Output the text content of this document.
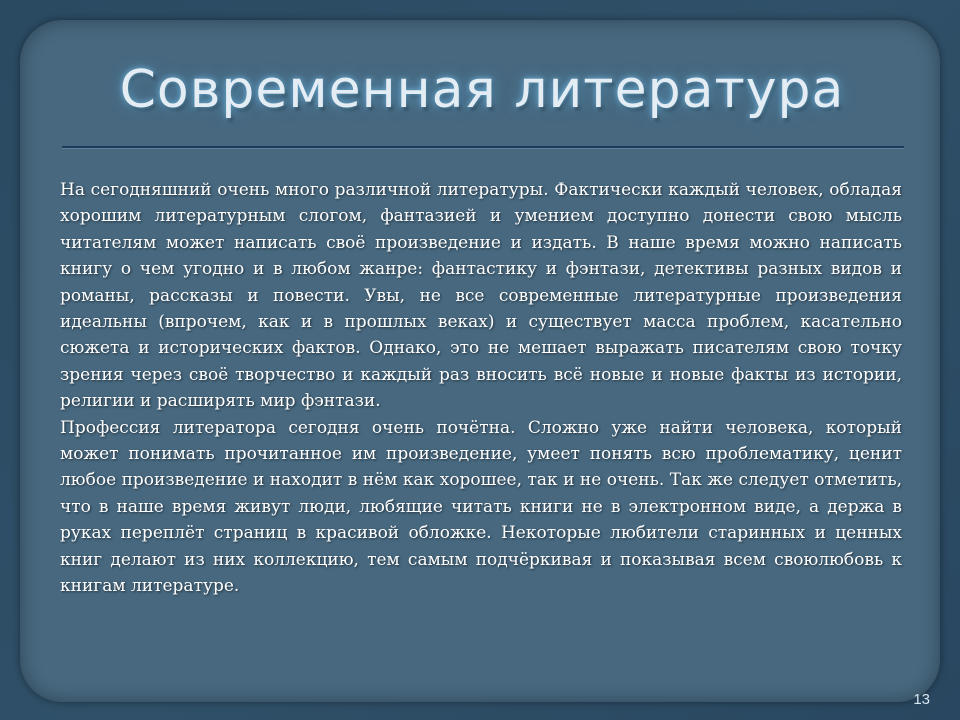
Современная литература

На сегодняшний очень много различной литературы. Фактически каждый человек, обладая хорошим литературным слогом, фантазией и умением доступно донести свою мысль читателям может написать своё произведение и издать. В наше время можно написать книгу о чем угодно и в любом жанре: фантастику и фэнтази, детективы разных видов и романы, рассказы и повести. Увы, не все современные литературные произведения идеальны (впрочем, как и в прошлых веках) и существует масса проблем, касательно сюжета и исторических фактов. Однако, это не мешает выражать писателям свою точку зрения через своё творчество и каждый раз вносить всё новые и новые факты из истории, религии и расширять мир фэнтази.

Профессия литератора сегодня очень почётна. Сложно уже найти человека, который может понимать прочитанное им произведение, умеет понять всю проблематику, ценит любое произведение и находит в нём как хорошее, так и не очень. Так же следует отметить, что в наше время живут люди, любящие читать книги не в электронном виде, а держа в руках переплёт страниц в красивой обложке. Некоторые любители старинных и ценных книг делают из них коллекцию, тем самым подчёркивая и показывая всем своюлюбовь к книгам литературе.

13
